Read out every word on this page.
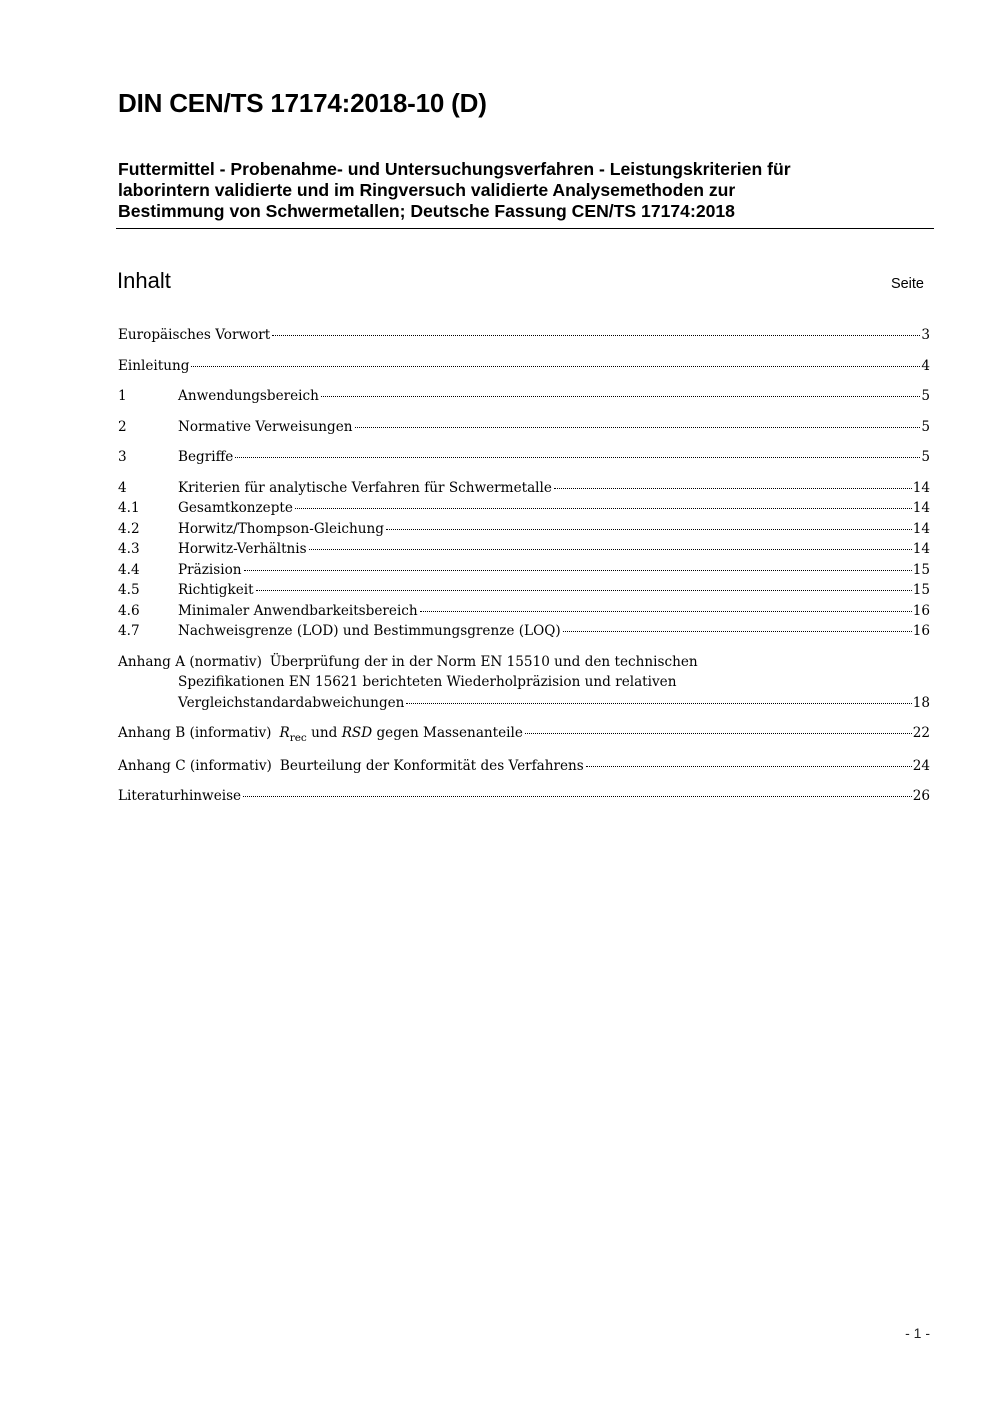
DIN CEN/TS 17174:2018-10 (D)
Futtermittel - Probenahme- und Untersuchungsverfahren - Leistungskriterien für
laborintern validierte und im Ringversuch validierte Analysemethoden zur
Bestimmung von Schwermetallen; Deutsche Fassung CEN/TS 17174:2018
Inhalt	Seite
Europäisches Vorwort	3
Einleitung	4
1	Anwendungsbereich	5
2	Normative Verweisungen	5
3	Begriffe	5
4	Kriterien für analytische Verfahren für Schwermetalle	14
4.1	Gesamtkonzepte	14
4.2	Horwitz/Thompson-Gleichung	14
4.3	Horwitz-Verhältnis	14
4.4	Präzision	15
4.5	Richtigkeit	15
4.6	Minimaler Anwendbarkeitsbereich	16
4.7	Nachweisgrenze (LOD) und Bestimmungsgrenze (LOQ)	16
Anhang A (normativ) Überprüfung der in der Norm EN 15510 und den technischen
Spezifikationen EN 15621 berichteten Wiederholpräzision und relativen
Vergleichstandardabweichungen	18
Anhang B (informativ) $R_{rec}$ und RSD gegen Massenanteile	22
Anhang C (informativ) Beurteilung der Konformität des Verfahrens	24
Literaturhinweise	26
- 1 -
